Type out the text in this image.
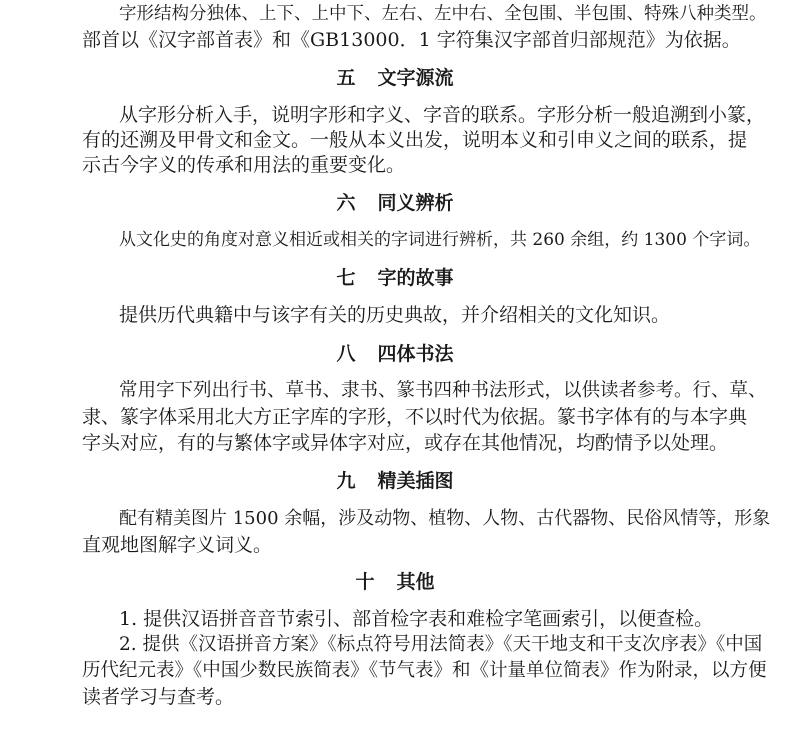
字形结构分独体、上下、上中下、左右、左中右、全包围、半包围、特殊八种类型。

部首以《汉字部首表》和《GB13000．1 字符集汉字部首归部规范》为依据。

五 文字源流

从字形分析入手，说明字形和字义、字音的联系。字形分析一般追溯到小篆，

有的还溯及甲骨文和金文。一般从本义出发，说明本义和引申义之间的联系，提

示古今字义的传承和用法的重要变化。

六 同义辨析

从文化史的角度对意义相近或相关的字词进行辨析，共 260 余组，约 1300 个字词。

七 字的故事

提供历代典籍中与该字有关的历史典故，并介绍相关的文化知识。

八 四体书法

常用字下列出行书、草书、隶书、篆书四种书法形式，以供读者参考。行、草、

隶、篆字体采用北大方正字库的字形，不以时代为依据。篆书字体有的与本字典

字头对应，有的与繁体字或异体字对应，或存在其他情况，均酌情予以处理。

九 精美插图

配有精美图片 1500 余幅，涉及动物、植物、人物、古代器物、民俗风情等，形象

直观地图解字义词义。

十 其他

1. 提供汉语拼音音节索引、部首检字表和难检字笔画索引，以便查检。

2. 提供《汉语拼音方案》《标点符号用法简表》《天干地支和干支次序表》《中国

历代纪元表》《中国少数民族简表》《节气表》和《计量单位简表》作为附录，以方便

读者学习与查考。
